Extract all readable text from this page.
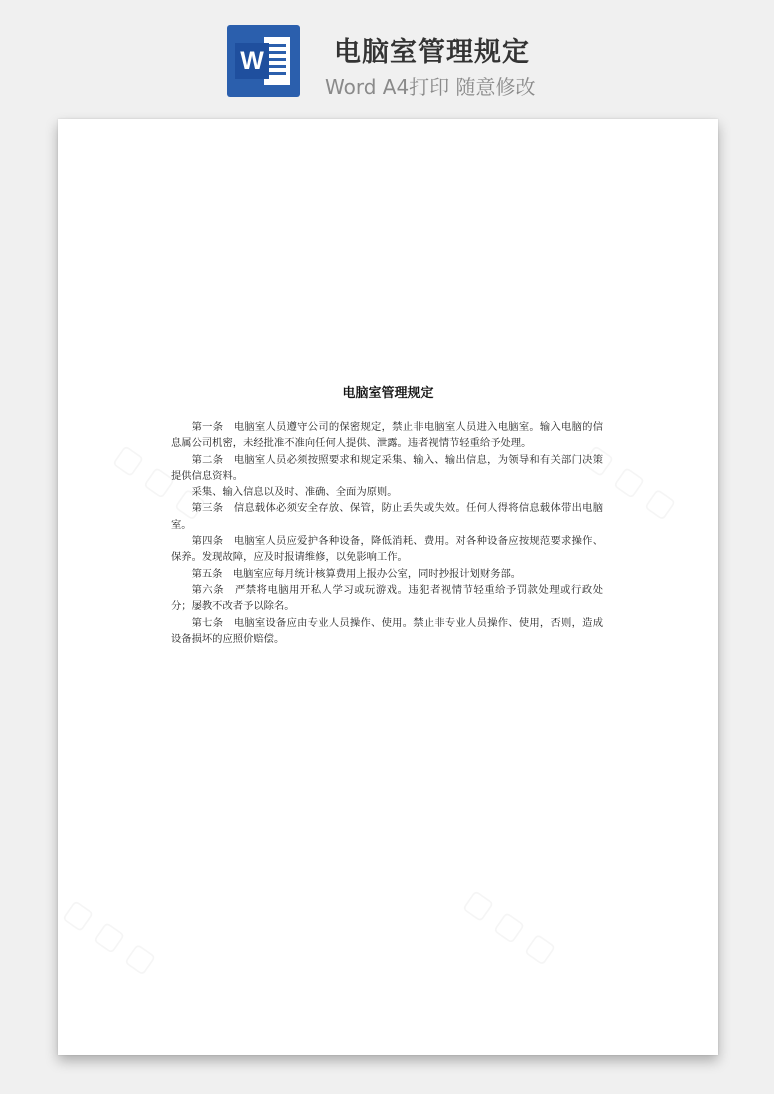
W	电脑室管理规定
Word A4打印 随意修改
电脑室管理规定

第一条　电脑室人员遵守公司的保密规定，禁止非电脑室人员进入电脑室。输入电脑的信息属公司机密，未经批准不准向任何人提供、泄露。违者视情节轻重给予处理。

第二条　电脑室人员必须按照要求和规定采集、输入、输出信息，为领导和有关部门决策提供信息资料。

采集、输入信息以及时、准确、全面为原则。

第三条　信息载体必须安全存放、保管，防止丢失或失效。任何人得将信息载体带出电脑室。

第四条　电脑室人员应爱护各种设备，降低消耗、费用。对各种设备应按规范要求操作、保养。发现故障，应及时报请维修，以免影响工作。

第五条　电脑室应每月统计核算费用上报办公室，同时抄报计划财务部。

第六条　严禁将电脑用开私人学习或玩游戏。违犯者视情节轻重给予罚款处理或行政处分；屡教不改者予以除名。

第七条　电脑室设备应由专业人员操作、使用。禁止非专业人员操作、使用，否则，造成设备损坏的应照价赔偿。
